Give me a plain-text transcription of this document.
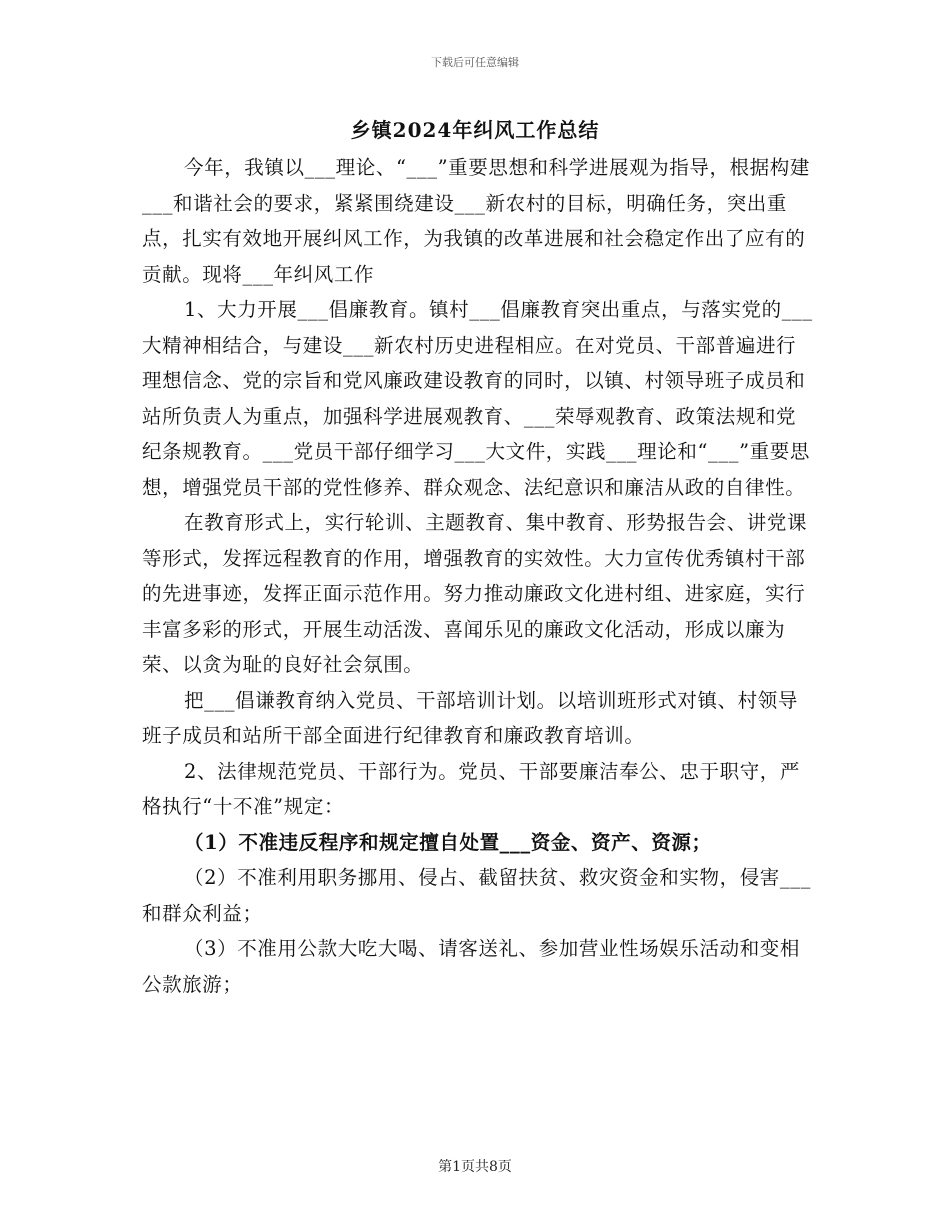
下载后可任意编辑
乡镇2024年纠风工作总结

今年，我镇以___理论、“___”重要思想和科学进展观为指导，根据构建___和谐社会的要求，紧紧围绕建设___新农村的目标，明确任务，突出重点，扎实有效地开展纠风工作，为我镇的改革进展和社会稳定作出了应有的贡献。现将___年纠风工作

1、大力开展___倡廉教育。镇村___倡廉教育突出重点，与落实党的___大精神相结合，与建设___新农村历史进程相应。在对党员、干部普遍进行理想信念、党的宗旨和党风廉政建设教育的同时，以镇、村领导班子成员和站所负责人为重点，加强科学进展观教育、___荣辱观教育、政策法规和党纪条规教育。___党员干部仔细学习___大文件，实践___理论和“___”重要思想，增强党员干部的党性修养、群众观念、法纪意识和廉洁从政的自律性。

在教育形式上，实行轮训、主题教育、集中教育、形势报告会、讲党课等形式，发挥远程教育的作用，增强教育的实效性。大力宣传优秀镇村干部的先进事迹，发挥正面示范作用。努力推动廉政文化进村组、进家庭，实行丰富多彩的形式，开展生动活泼、喜闻乐见的廉政文化活动，形成以廉为荣、以贪为耻的良好社会氛围。

把___倡谦教育纳入党员、干部培训计划。以培训班形式对镇、村领导班子成员和站所干部全面进行纪律教育和廉政教育培训。

2、法律规范党员、干部行为。党员、干部要廉洁奉公、忠于职守，严格执行“十不准”规定：

（1）不准违反程序和规定擅自处置___资金、资产、资源；

（2）不准利用职务挪用、侵占、截留扶贫、救灾资金和实物，侵害___和群众利益；

（3）不准用公款大吃大喝、请客送礼、参加营业性场娱乐活动和变相公款旅游；

第1页共8页
